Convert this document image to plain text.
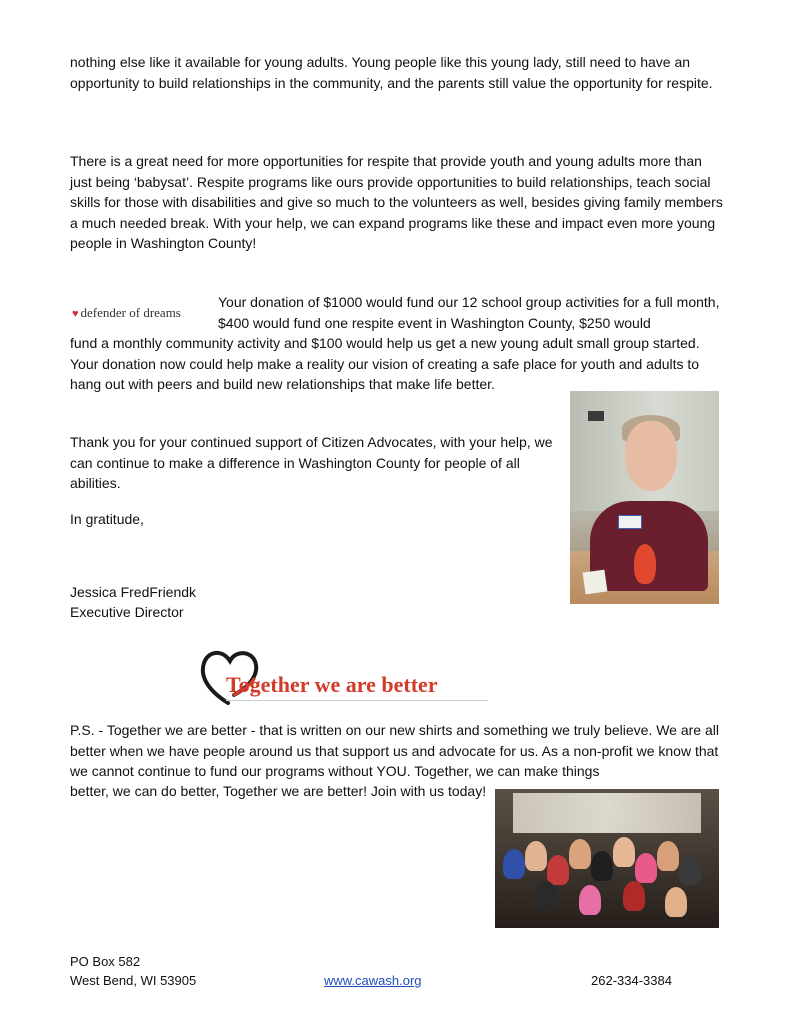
nothing else like it available for young adults. Young people like this young lady, still need to have an opportunity to build relationships in the community, and the parents still value the opportunity for respite.

There is a great need for more opportunities for respite that provide youth and young adults more than just being ‘babysat’. Respite programs like ours provide opportunities to build relationships, teach social skills for those with disabilities and give so much to the volunteers as well, besides giving family members a much needed break. With your help, we can expand programs like these and impact even more young people in Washington County!

♥ defender of dreams
Your donation of $1000 would fund our 12 school group activities for a full month, $400 would fund one respite event in Washington County, $250 would

fund a monthly community activity and $100 would help us get a new young adult small group started. Your donation now could help make a reality our vision of creating a safe place for youth and adults to hang out with peers and build new relationships that make life better.

Thank you for your continued support of Citizen Advocates, with your help, we can continue to make a difference in Washington County for people of all abilities.

In gratitude,

Jessica FredFriendk

Executive Director

Together we are better

P.S. - Together we are better - that is written on our new shirts and something we truly believe. We are all better when we have people around us that support us and advocate for us. As a non-profit we know that we cannot continue to fund our programs without YOU. Together, we can make things

better, we can do better, Together we are better! Join with us today!

PO Box 582
West Bend, WI 53905	www.cawash.org	262-334-3384
